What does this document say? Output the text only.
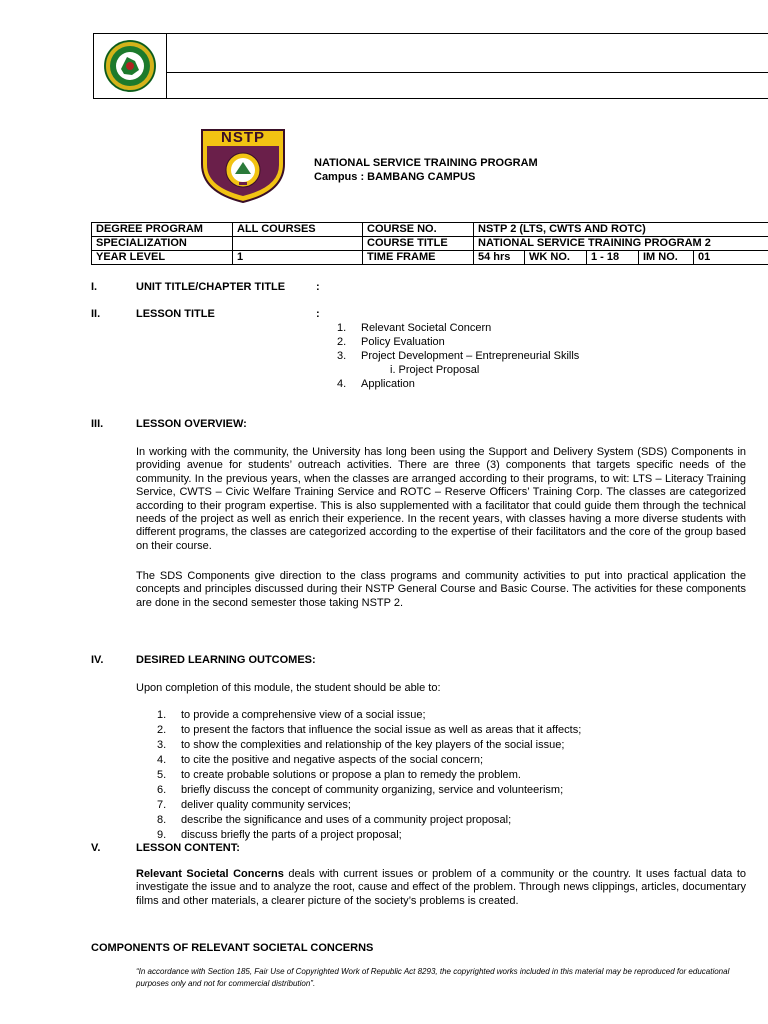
NSTP
NATIONAL SERVICE TRAINING PROGRAM
Campus : BAMBANG CAMPUS
DEGREE PROGRAM	ALL COURSES	COURSE NO.	NSTP 2 (LTS, CWTS AND ROTC)			
SPECIALIZATION		COURSE TITLE	NATIONAL SERVICE TRAINING PROGRAM 2			
YEAR LEVEL	1	TIME FRAME	54 hrs	WK NO.	1 - 18	IM NO. 01
I.	UNIT TITLE/CHAPTER TITLE	:
II.	LESSON TITLE	:
1. Relevant Societal Concern
2. Policy Evaluation
3. Project Development – Entrepreneurial Skills
i. Project Proposal
4. Application
III.	LESSON OVERVIEW:

In working with the community, the University has long been using the Support and Delivery System (SDS) Components in providing avenue for students’ outreach activities. There are three (3) components that targets specific needs of the community. In the previous years, when the classes are arranged according to their programs, to wit: LTS – Literacy Training Service, CWTS – Civic Welfare Training Service and ROTC – Reserve Officers’ Training Corp. The classes are categorized according to their program expertise. This is also supplemented with a facilitator that could guide them through the technical needs of the project as well as enrich their experience. In the recent years, with classes having a more diverse students with different programs, the classes are categorized according to the expertise of their facilitators and the core of the group based on their course.

The SDS Components give direction to the class programs and community activities to put into practical application the concepts and principles discussed during their NSTP General Course and Basic Course. The activities for these components are done in the second semester those taking NSTP 2.

IV.	DESIRED LEARNING OUTCOMES:
Upon completion of this module, the student should be able to:
1. to provide a comprehensive view of a social issue;
2. to present the factors that influence the social issue as well as areas that it affects;
3. to show the complexities and relationship of the key players of the social issue;
4. to cite the positive and negative aspects of the social concern;
5. to create probable solutions or propose a plan to remedy the problem.
6. briefly discuss the concept of community organizing, service and volunteerism;
7. deliver quality community services;
8. describe the significance and uses of a community project proposal;
9. discuss briefly the parts of a project proposal;
V.	LESSON CONTENT:

Relevant Societal Concerns deals with current issues or problem of a community or the country. It uses factual data to investigate the issue and to analyze the root, cause and effect of the problem. Through news clippings, articles, documentary films and other materials, a clearer picture of the society’s problems is created.

COMPONENTS OF RELEVANT SOCIETAL CONCERNS
“In accordance with Section 185, Fair Use of Copyrighted Work of Republic Act 8293, the copyrighted works included in this material may be reproduced for educational purposes only and not for commercial distribution”.
